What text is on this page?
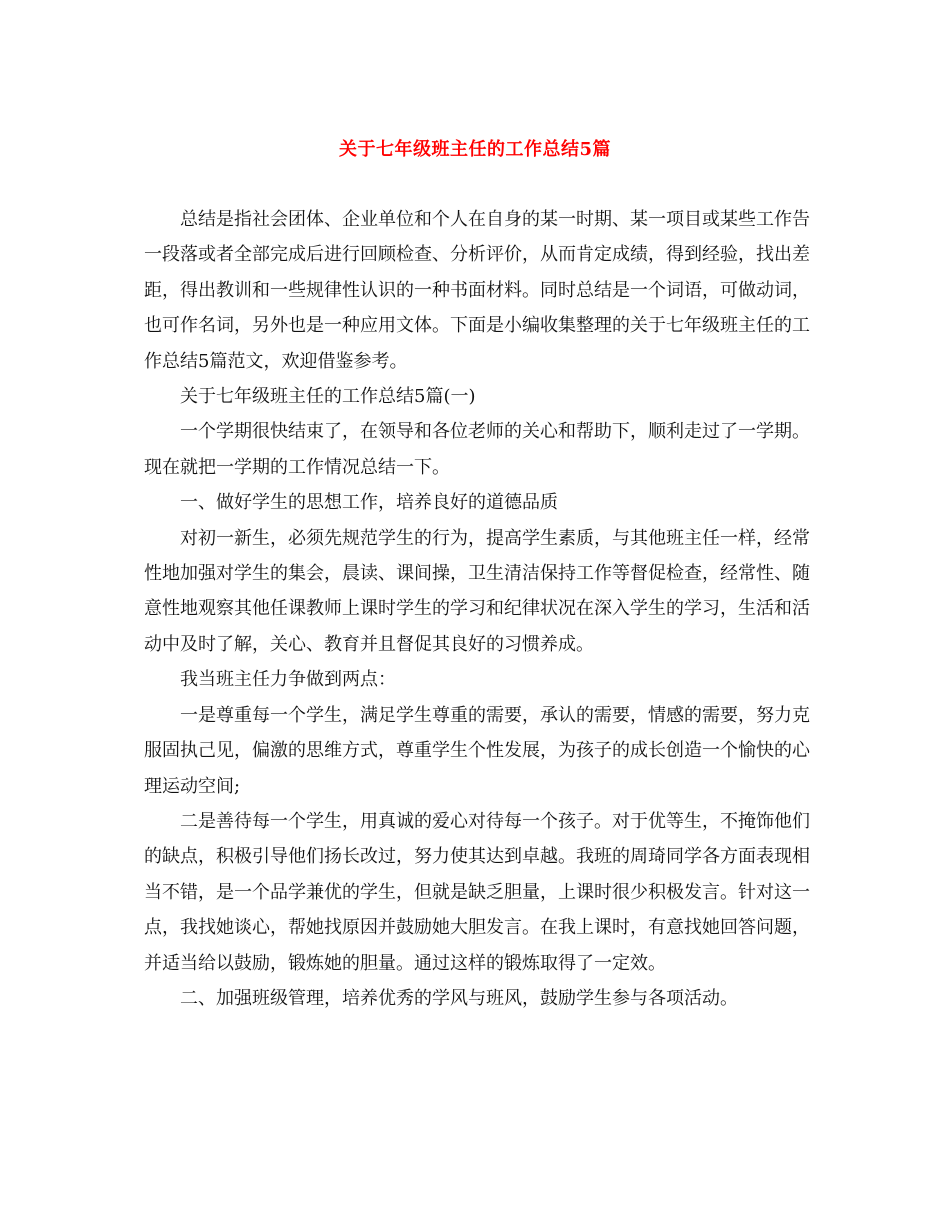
关于七年级班主任的工作总结5篇

总结是指社会团体、企业单位和个人在自身的某一时期、某一项目或某些工作告一段落或者全部完成后进行回顾检查、分析评价，从而肯定成绩，得到经验，找出差距，得出教训和一些规律性认识的一种书面材料。同时总结是一个词语，可做动词，也可作名词，另外也是一种应用文体。下面是小编收集整理的关于七年级班主任的工作总结5篇范文，欢迎借鉴参考。

关于七年级班主任的工作总结5篇(一)

一个学期很快结束了，在领导和各位老师的关心和帮助下，顺利走过了一学期。现在就把一学期的工作情况总结一下。

一、做好学生的思想工作，培养良好的道德品质

对初一新生，必须先规范学生的行为，提高学生素质，与其他班主任一样，经常性地加强对学生的集会，晨读、课间操，卫生清洁保持工作等督促检查，经常性、随意性地观察其他任课教师上课时学生的学习和纪律状况在深入学生的学习，生活和活动中及时了解，关心、教育并且督促其良好的习惯养成。

我当班主任力争做到两点：

一是尊重每一个学生，满足学生尊重的需要，承认的需要，情感的需要，努力克服固执己见，偏激的思维方式，尊重学生个性发展，为孩子的成长创造一个愉快的心理运动空间;

二是善待每一个学生，用真诚的爱心对待每一个孩子。对于优等生，不掩饰他们的缺点，积极引导他们扬长改过，努力使其达到卓越。我班的周琦同学各方面表现相当不错，是一个品学兼优的学生，但就是缺乏胆量，上课时很少积极发言。针对这一点，我找她谈心，帮她找原因并鼓励她大胆发言。在我上课时，有意找她回答问题，并适当给以鼓励，锻炼她的胆量。通过这样的锻炼取得了一定效。

二、加强班级管理，培养优秀的学风与班风，鼓励学生参与各项活动。
